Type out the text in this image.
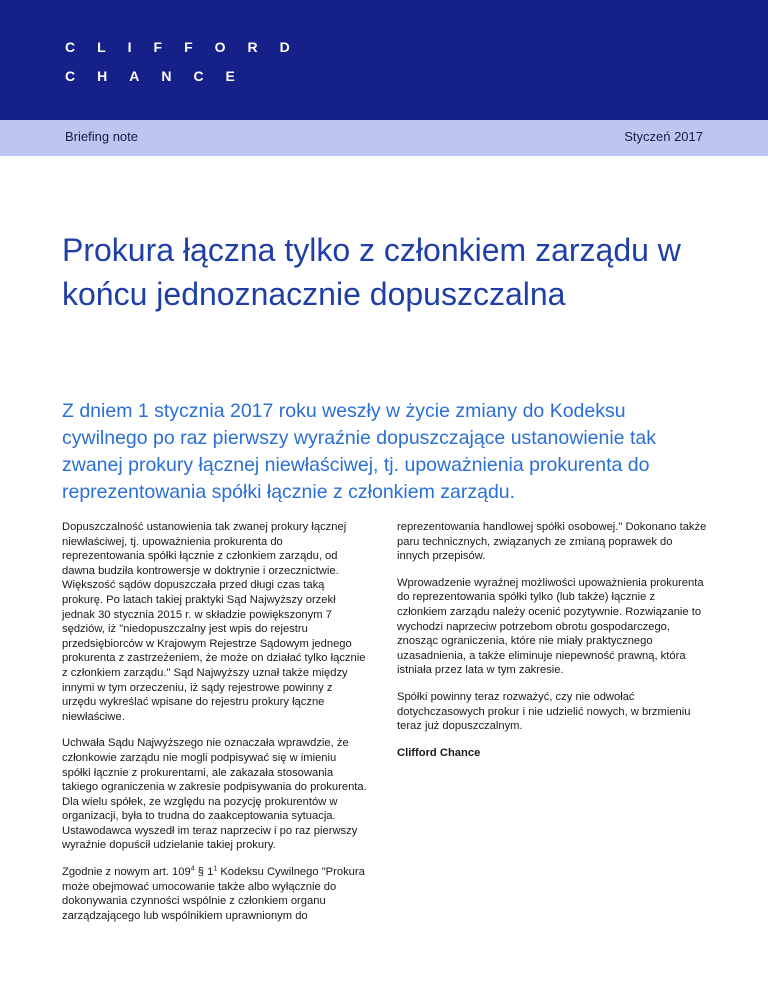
CLIFFORD
CHANCE
Briefing note	Styczeń 2017
Prokura łączna tylko z członkiem zarządu w końcu jednoznacznie dopuszczalna

Z dniem 1 stycznia 2017 roku weszły w życie zmiany do Kodeksu cywilnego po raz pierwszy wyraźnie dopuszczające ustanowienie tak zwanej prokury łącznej niewłaściwej, tj. upoważnienia prokurenta do reprezentowania spółki łącznie z członkiem zarządu.

Dopuszczalność ustanowienia tak zwanej prokury łącznej niewłaściwej, tj. upoważnienia prokurenta do reprezentowania spółki łącznie z członkiem zarządu, od dawna budziła kontrowersje w doktrynie i orzecznictwie. Większość sądów dopuszczała przed długi czas taką prokurę. Po latach takiej praktyki Sąd Najwyższy orzekł jednak 30 stycznia 2015 r. w składzie powiększonym 7 sędziów, iż "niedopuszczalny jest wpis do rejestru przedsiębiorców w Krajowym Rejestrze Sądowym jednego prokurenta z zastrzeżeniem, że może on działać tylko łącznie z członkiem zarządu." Sąd Najwyższy uznał także między innymi w tym orzeczeniu, iż sądy rejestrowe powinny z urzędu wykreślać wpisane do rejestru prokury łączne niewłaściwe.

Uchwała Sądu Najwyższego nie oznaczała wprawdzie, że członkowie zarządu nie mogli podpisywać się w imieniu spółki łącznie z prokurentami, ale zakazała stosowania takiego ograniczenia w zakresie podpisywania do prokurenta. Dla wielu spółek, ze względu na pozycję prokurentów w organizacji, była to trudna do zaakceptowania sytuacja. Ustawodawca wyszedł im teraz naprzeciw i po raz pierwszy wyraźnie dopuścił udzielanie takiej prokury.

Zgodnie z nowym art. $109^4$ § $1^1$ Kodeksu Cywilnego "Prokura może obejmować umocowanie także albo wyłącznie do dokonywania czynności wspólnie z członkiem organu zarządzającego lub wspólnikiem uprawnionym do

reprezentowania handlowej spółki osobowej." Dokonano także paru technicznych, związanych ze zmianą poprawek do innych przepisów.

Wprowadzenie wyraźnej możliwości upoważnienia prokurenta do reprezentowania spółki tylko (lub także) łącznie z członkiem zarządu należy ocenić pozytywnie. Rozwiązanie to wychodzi naprzeciw potrzebom obrotu gospodarczego, znosząc ograniczenia, które nie miały praktycznego uzasadnienia, a także eliminuje niepewność prawną, która istniała przez lata w tym zakresie.

Spółki powinny teraz rozważyć, czy nie odwołać dotychczasowych prokur i nie udzielić nowych, w brzmieniu teraz już dopuszczalnym.

Clifford Chance
